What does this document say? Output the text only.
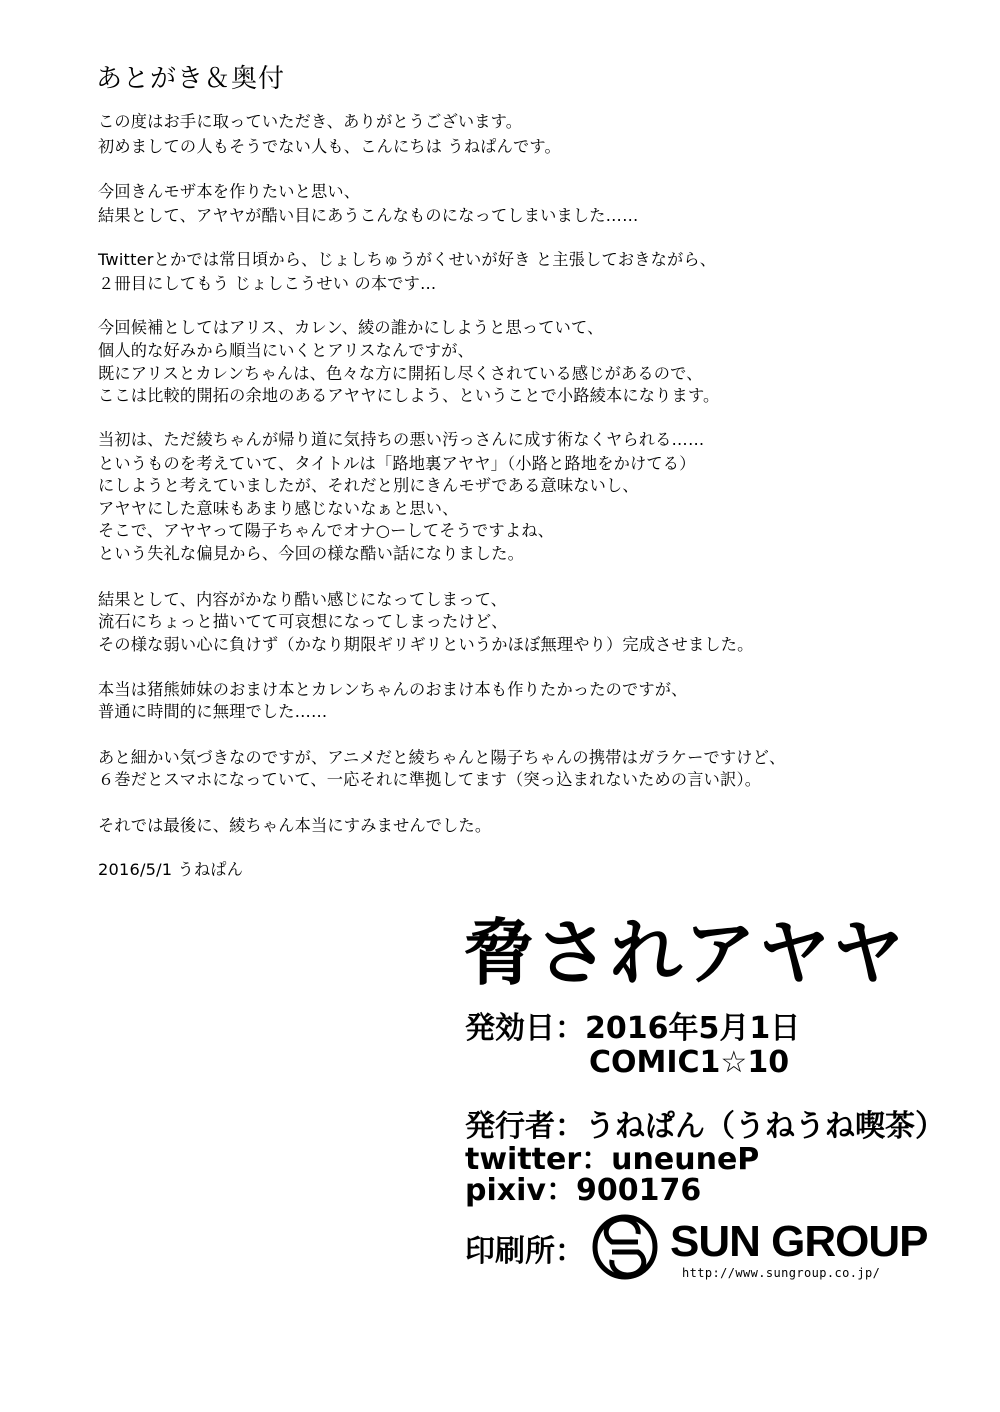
あとがき＆奥付
この度はお手に取っていただき、ありがとうございます。
初めましての人もそうでない人も、こんにちは うねぱんです。
今回きんモザ本を作りたいと思い、
結果として、アヤヤが酷い目にあうこんなものになってしまいました……
Twitterとかでは常日頃から、じょしちゅうがくせいが好き と主張しておきながら、
２冊目にしてもう じょしこうせい の本です…
今回候補としてはアリス、カレン、綾の誰かにしようと思っていて、
個人的な好みから順当にいくとアリスなんですが、
既にアリスとカレンちゃんは、色々な方に開拓し尽くされている感じがあるので、
ここは比較的開拓の余地のあるアヤヤにしよう、ということで小路綾本になります。
当初は、ただ綾ちゃんが帰り道に気持ちの悪い汚っさんに成す術なくヤられる……
というものを考えていて、タイトルは「路地裏アヤヤ」（小路と路地をかけてる）
にしようと考えていましたが、それだと別にきんモザである意味ないし、
アヤヤにした意味もあまり感じないなぁと思い、
そこで、アヤヤって陽子ちゃんでオナ○ーしてそうですよね、
という失礼な偏見から、今回の様な酷い話になりました。
結果として、内容がかなり酷い感じになってしまって、
流石にちょっと描いてて可哀想になってしまったけど、
その様な弱い心に負けず（かなり期限ギリギリというかほぼ無理やり）完成させました。
本当は猪熊姉妹のおまけ本とカレンちゃんのおまけ本も作りたかったのですが、
普通に時間的に無理でした……
あと細かい気づきなのですが、アニメだと綾ちゃんと陽子ちゃんの携帯はガラケーですけど、
６巻だとスマホになっていて、一応それに準拠してます（突っ込まれないための言い訳）。
それでは最後に、綾ちゃん本当にすみませんでした。
2016/5/1 うねぱん
脅されアヤヤ
発効日：2016年5月1日
COMIC1☆10
発行者：うねぱん（うねうね喫茶）
twitter：uneuneP
pixiv：900176
印刷所： SUN GROUP
http://www.sungroup.co.jp/
